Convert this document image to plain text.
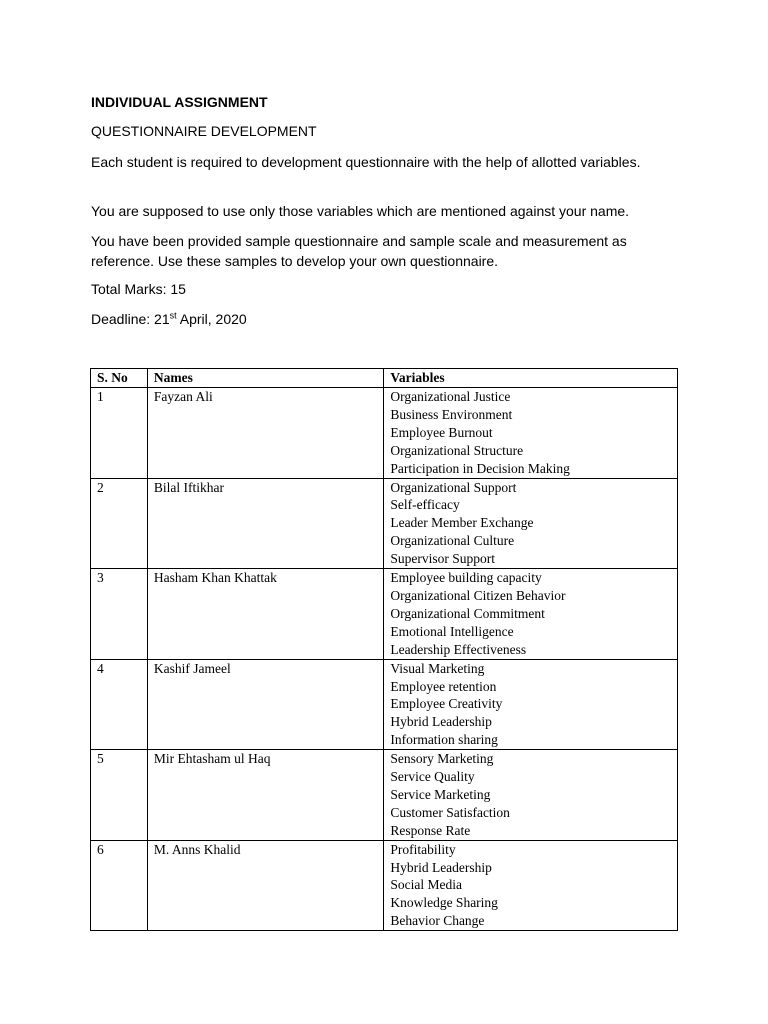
INDIVIDUAL ASSIGNMENT

QUESTIONNAIRE DEVELOPMENT

Each student is required to development questionnaire with the help of allotted variables.

You are supposed to use only those variables which are mentioned against your name.

You have been provided sample questionnaire and sample scale and measurement as reference. Use these samples to develop your own questionnaire.

Total Marks: 15

Deadline: 21st April, 2020

S. No	Names	Variables

1	Fayzan Ali	Organizational Justice
Business Environment
Employee Burnout
Organizational Structure
Participation in Decision Making

2	Bilal Iftikhar	Organizational Support
Self-efficacy
Leader Member Exchange
Organizational Culture
Supervisor Support

3	Hasham Khan Khattak	Employee building capacity
Organizational Citizen Behavior
Organizational Commitment
Emotional Intelligence
Leadership Effectiveness

4	Kashif Jameel	Visual Marketing
Employee retention
Employee Creativity
Hybrid Leadership
Information sharing

5	Mir Ehtasham ul Haq	Sensory Marketing
Service Quality
Service Marketing
Customer Satisfaction
Response Rate

6	M. Anns Khalid	Profitability
Hybrid Leadership
Social Media
Knowledge Sharing
Behavior Change
